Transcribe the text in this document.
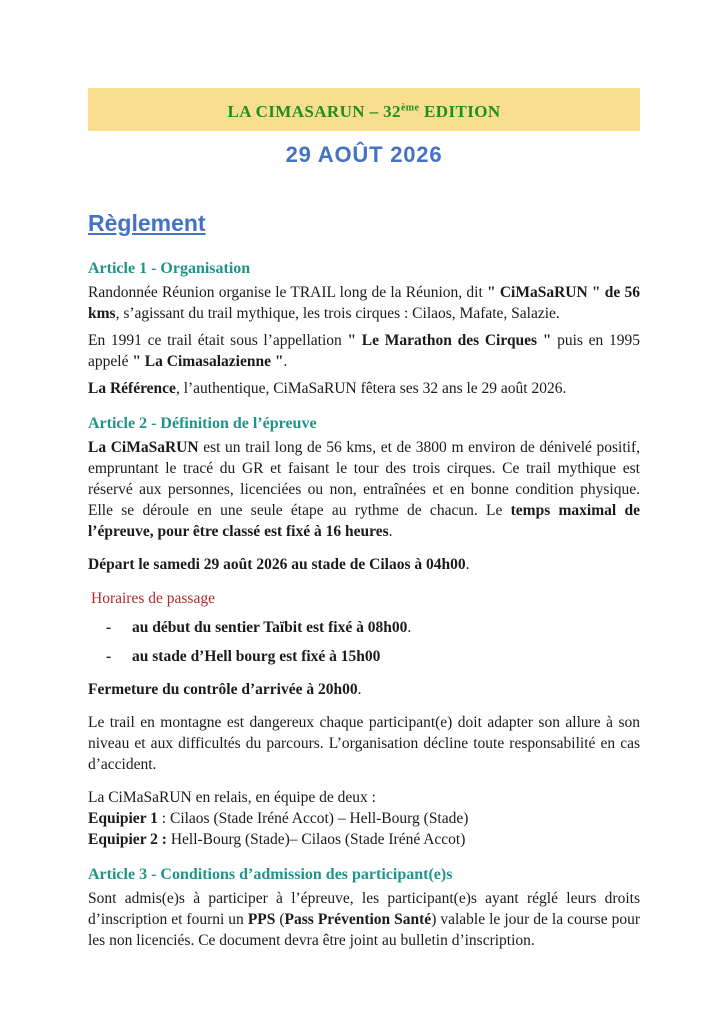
LA CIMASARUN – 32ème EDITION
29 AOÛT 2026
Règlement
Article 1 - Organisation

Randonnée Réunion organise le TRAIL long de la Réunion, dit " CiMaSaRUN " de 56 kms, s’agissant du trail mythique, les trois cirques : Cilaos, Mafate, Salazie.

En 1991 ce trail était sous l’appellation " Le Marathon des Cirques " puis en 1995 appelé " La Cimasalazienne ".

La Référence, l’authentique, CiMaSaRUN fêtera ses 32 ans le 29 août 2026.

Article 2 - Définition de l’épreuve

La CiMaSaRUN est un trail long de 56 kms, et de 3800 m environ de dénivelé positif, empruntant le tracé du GR et faisant le tour des trois cirques. Ce trail mythique est réservé aux personnes, licenciées ou non, entraînées et en bonne condition physique. Elle se déroule en une seule étape au rythme de chacun. Le temps maximal de l’épreuve, pour être classé est fixé à 16 heures.

Départ le samedi 29 août 2026 au stade de Cilaos à 04h00.

Horaires de passage

-	au début du sentier Taïbit est fixé à 08h00.
-	au stade d’Hell bourg est fixé à 15h00

Fermeture du contrôle d’arrivée à 20h00.

Le trail en montagne est dangereux chaque participant(e) doit adapter son allure à son niveau et aux difficultés du parcours. L’organisation décline toute responsabilité en cas d’accident.

La CiMaSaRUN en relais, en équipe de deux :

Equipier 1 : Cilaos (Stade Iréné Accot) – Hell-Bourg (Stade)

Equipier 2 : Hell-Bourg (Stade)– Cilaos (Stade Iréné Accot)

Article 3 - Conditions d’admission des participant(e)s

Sont admis(e)s à participer à l’épreuve, les participant(e)s ayant réglé leurs droits d’inscription et fourni un PPS (Pass Prévention Santé) valable le jour de la course pour les non licenciés. Ce document devra être joint au bulletin d’inscription.
